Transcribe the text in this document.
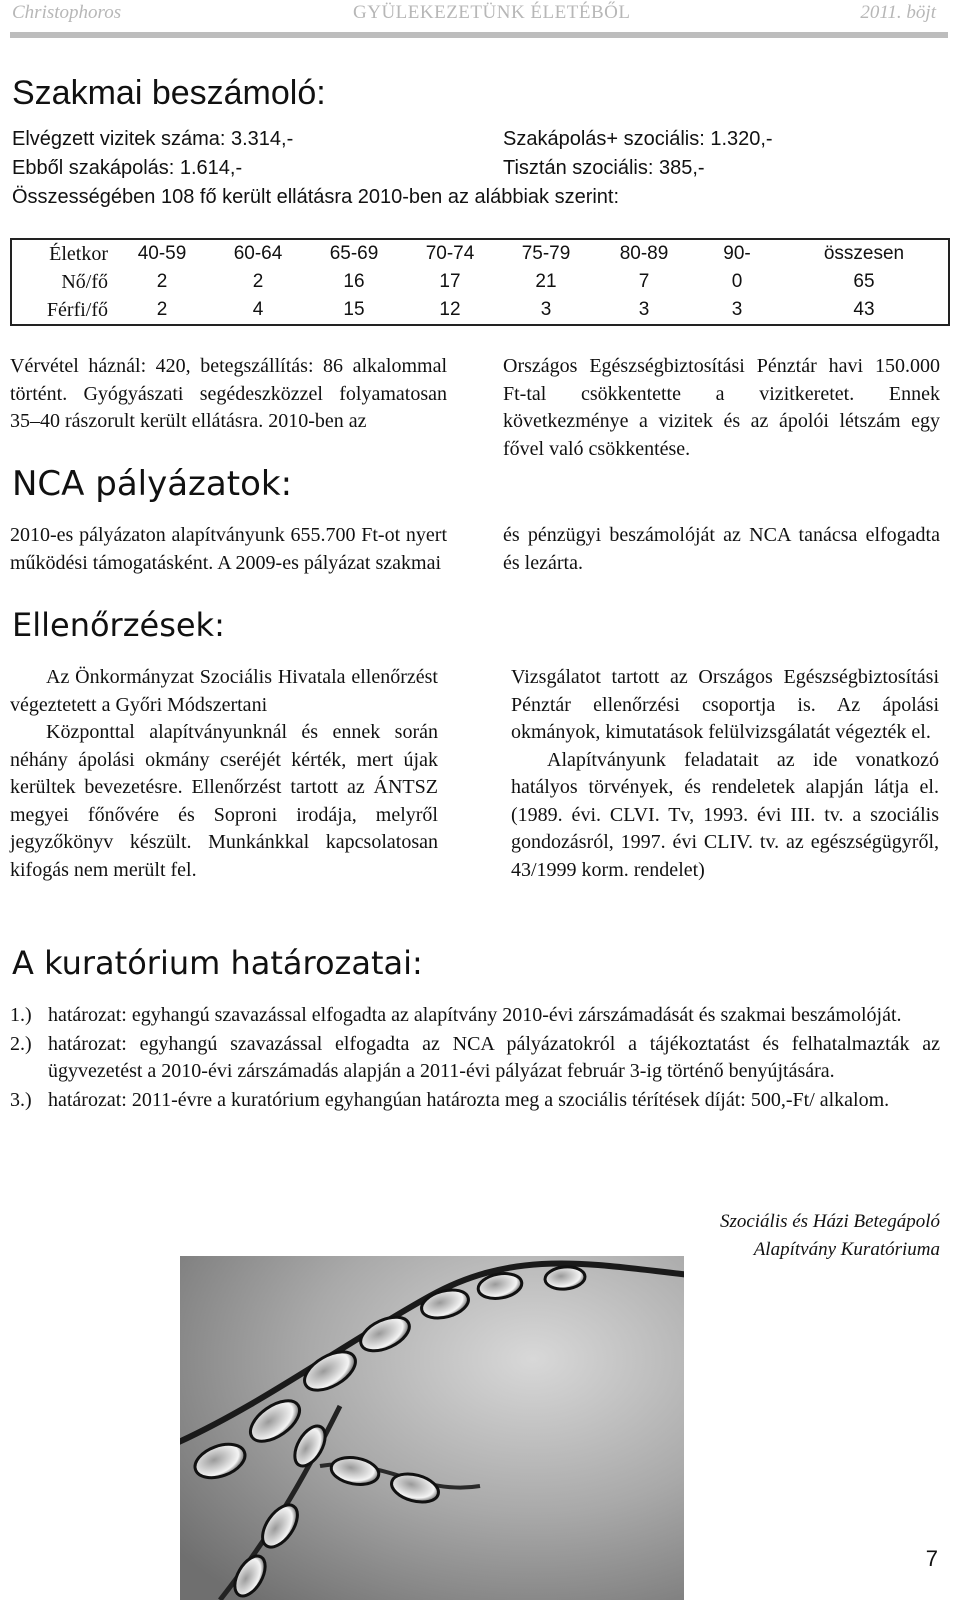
Christophoros	GYÜLEKEZETÜNK ÉLETÉBŐL	2011. böjt
Szakmai beszámoló:
Elvégzett vizitek száma: 3.314,-	Szakápolás+ szociális: 1.320,-
Ebből szakápolás: 1.614,-	Tisztán szociális: 385,-
Összességében 108 fő került ellátásra 2010-ben az alábbiak szerint:
Életkor	40-59	60-64	65-69	70-74	75-79	80-89	90-	összesen
Nő/fő	2	2	16	17	21	7	0	65
Férfi/fő	2	4	15	12	3	3	3	43

Vérvétel háznál: 420, betegszállítás: 86 alkalommal történt. Gyógyászati segédeszközzel folyamatosan 35–40 rászorult került ellátásra. 2010-ben az

Országos Egészségbiztosítási Pénztár havi 150.000 Ft-tal csökkentette a vizitkeretet. Ennek következménye a vizitek és az ápolói létszám egy fővel való csökkentése.

NCA pályázatok:

2010-es pályázaton alapítványunk 655.700 Ft-ot nyert működési támogatásként. A 2009-es pályázat szakmai

és pénzügyi beszámolóját az NCA tanácsa elfogadta és lezárta.

Ellenőrzések:

Az Önkormányzat Szociális Hivatala ellenőrzést végeztetett a Győri Módszertani

Központtal alapítványunknál és ennek során néhány ápolási okmány cseréjét kérték, mert újak kerültek bevezetésre. Ellenőrzést tartott az ÁNTSZ megyei főnővére és Soproni irodája, melyről jegyzőkönyv készült. Munkánkkal kapcsolatosan kifogás nem merült fel.

Vizsgálatot tartott az Országos Egészségbiztosítási Pénztár ellenőrzési csoportja is. Az ápolási okmányok, kimutatások felülvizsgálatát végezték el.

Alapítványunk feladatait az ide vonatkozó hatályos törvények, és rendeletek alapján látja el. (1989. évi. CLVI. Tv, 1993. évi III. tv. a szociális gondozásról, 1997. évi CLIV. tv. az egészségügyről, 43/1999 korm. rendelet)

A kuratórium határozatai:

1.) határozat: egyhangú szavazással elfogadta az alapítvány 2010-évi zárszámadását és szakmai beszámolóját.

2.) határozat: egyhangú szavazással elfogadta az NCA pályázatokról a tájékoztatást és felhatalmazták az ügyvezetést a 2010-évi zárszámadás alapján a 2011-évi pályázat február 3-ig történő benyújtására.

3.) határozat: 2011-évre a kuratórium egyhangúan határozta meg a szociális térítések díját: 500,-Ft/ alkalom.

Szociális és Házi Betegápoló
Alapítvány Kuratóriuma
7
